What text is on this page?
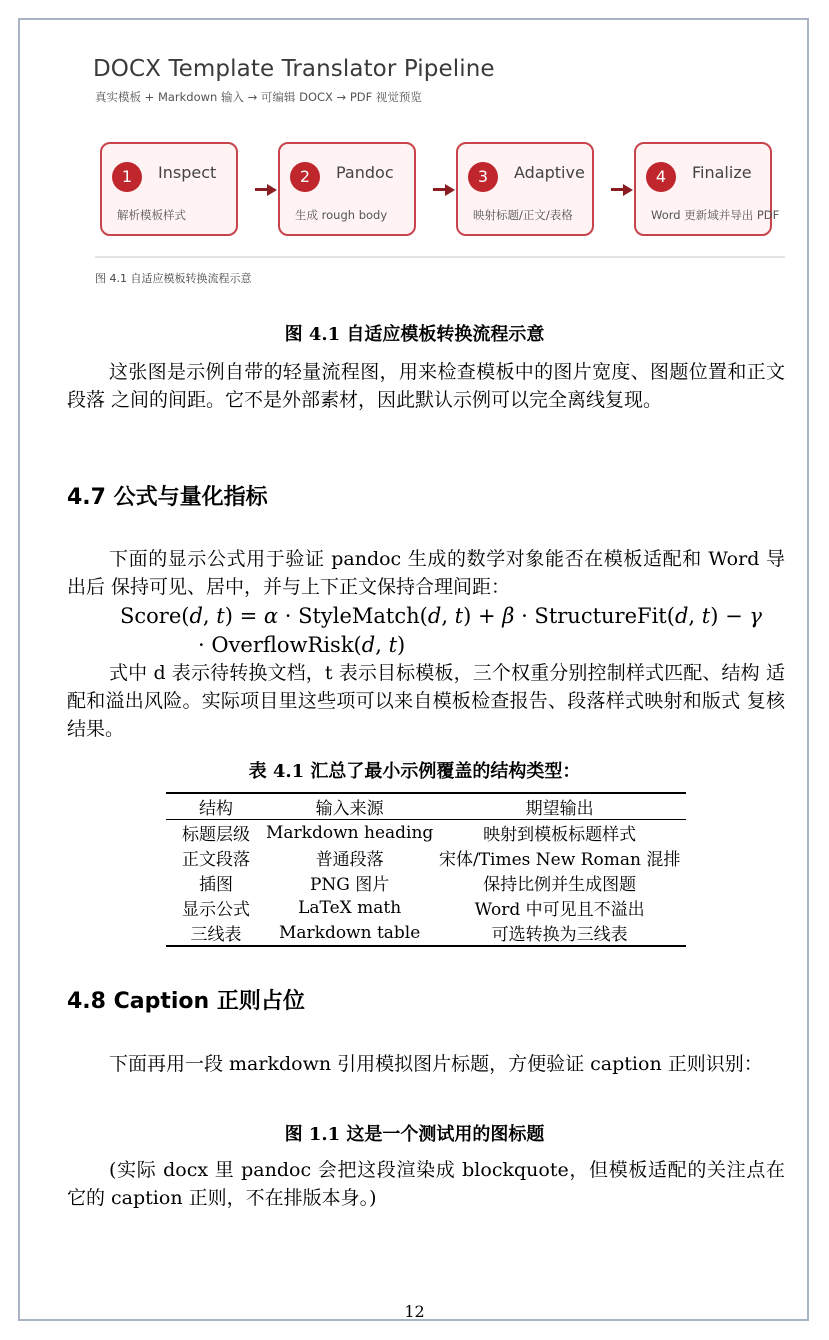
DOCX Template Translator Pipeline
真实模板 + Markdown 输入 → 可编辑 DOCX → PDF 视觉预览
1	Inspect
解析模板样式
2	Pandoc
生成 rough body
3	Adaptive
映射标题/正文/表格
4	Finalize
Word 更新域并导出 PDF
图 4.1 自适应模板转换流程示意
图 4.1 自适应模板转换流程示意
这张图是示例自带的轻量流程图，用来检查模板中的图片宽度、图题位置和正文段落 之间的间距。它不是外部素材，因此默认示例可以完全离线复现。
4.7 公式与量化指标
下面的显示公式用于验证 pandoc 生成的数学对象能否在模板适配和 Word 导出后 保持可见、居中，并与上下正文保持合理间距：
Score(d, t) = α · StyleMatch(d, t) + β · StructureFit(d, t) − γ
· OverflowRisk(d, t)
式中 d 表示待转换文档，t 表示目标模板，三个权重分别控制样式匹配、结构 适配和溢出风险。实际项目里这些项可以来自模板检查报告、段落样式映射和版式 复核结果。
表 4.1 汇总了最小示例覆盖的结构类型：
结构	输入来源	期望输出
标题层级	Markdown heading	映射到模板标题样式
正文段落	普通段落	宋体/Times New Roman 混排
插图	PNG 图片	保持比例并生成图题
显示公式	LaTeX math	Word 中可见且不溢出
三线表	Markdown table	可选转换为三线表
4.8 Caption 正则占位
下面再用一段 markdown 引用模拟图片标题，方便验证 caption 正则识别：
图 1.1 这是一个测试用的图标题
(实际 docx 里 pandoc 会把这段渲染成 blockquote，但模板适配的关注点在它的 caption 正则，不在排版本身。)
12
